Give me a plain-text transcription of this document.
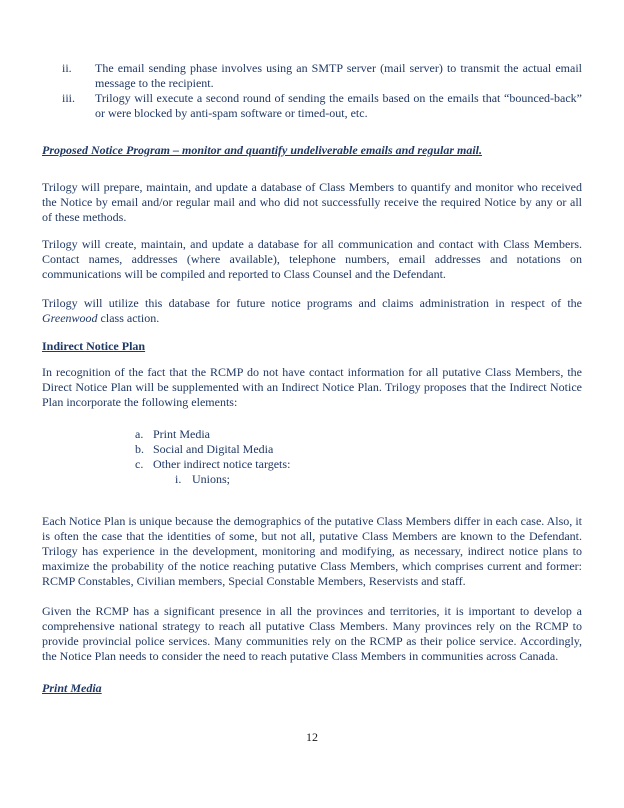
ii.	The email sending phase involves using an SMTP server (mail server) to transmit the actual email message to the recipient.
iii.	Trilogy will execute a second round of sending the emails based on the emails that “bounced-back” or were blocked by anti-spam software or timed-out, etc.
Proposed Notice Program – monitor and quantify undeliverable emails and regular mail.

Trilogy will prepare, maintain, and update a database of Class Members to quantify and monitor who received the Notice by email and/or regular mail and who did not successfully receive the required Notice by any or all of these methods.

Trilogy will create, maintain, and update a database for all communication and contact with Class Members. Contact names, addresses (where available), telephone numbers, email addresses and notations on communications will be compiled and reported to Class Counsel and the Defendant.

Trilogy will utilize this database for future notice programs and claims administration in respect of the Greenwood class action.

Indirect Notice Plan

In recognition of the fact that the RCMP do not have contact information for all putative Class Members, the Direct Notice Plan will be supplemented with an Indirect Notice Plan. Trilogy proposes that the Indirect Notice Plan incorporate the following elements:

a. Print Media
b. Social and Digital Media
c. Other indirect notice targets:
i. Unions;

Each Notice Plan is unique because the demographics of the putative Class Members differ in each case. Also, it is often the case that the identities of some, but not all, putative Class Members are known to the Defendant. Trilogy has experience in the development, monitoring and modifying, as necessary, indirect notice plans to maximize the probability of the notice reaching putative Class Members, which comprises current and former: RCMP Constables, Civilian members, Special Constable Members, Reservists and staff.

Given the RCMP has a significant presence in all the provinces and territories, it is important to develop a comprehensive national strategy to reach all putative Class Members. Many provinces rely on the RCMP to provide provincial police services. Many communities rely on the RCMP as their police service. Accordingly, the Notice Plan needs to consider the need to reach putative Class Members in communities across Canada.

Print Media
12
